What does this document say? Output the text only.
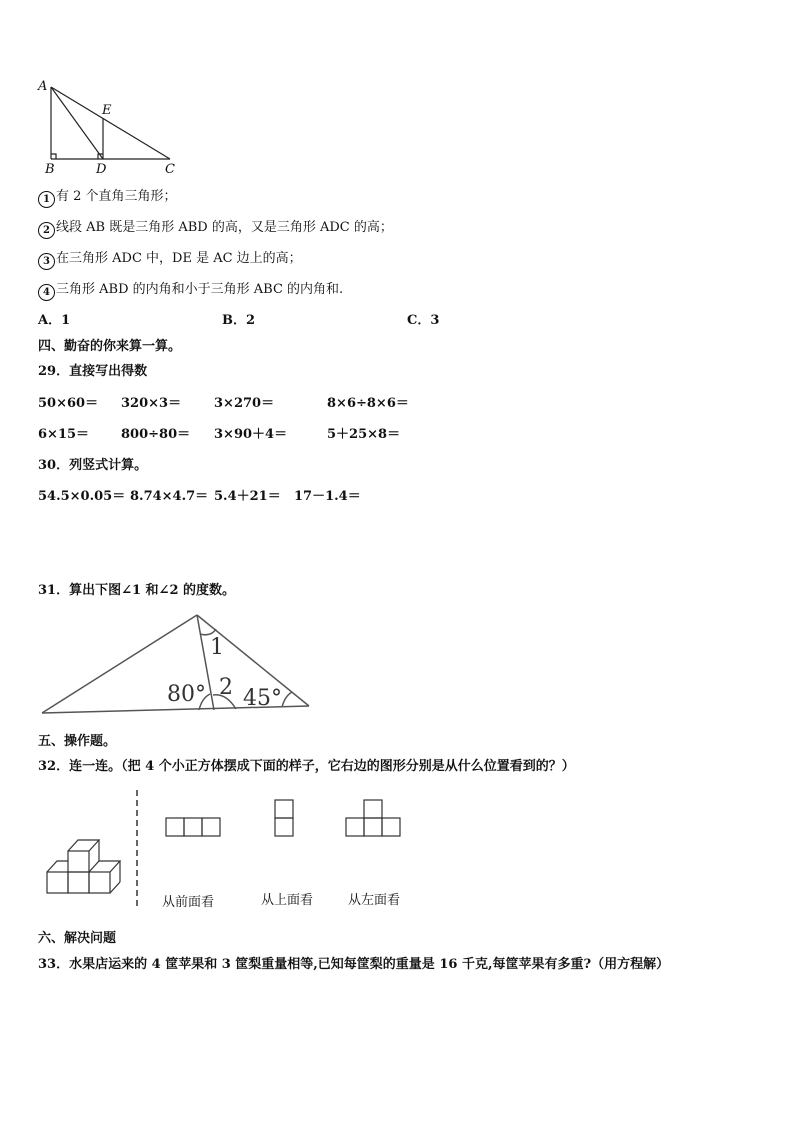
A
B	C
D
E
1 有 2 个直角三角形；
2 线段 AB 既是三角形 ABD 的高，又是三角形 ADC 的高；
3 在三角形 ADC 中，DE 是 AC 边上的高；
4 三角形 ABD 的内角和小于三角形 ABC 的内角和.
A．1	B．2	C．3
四、勤奋的你来算一算。
29．直接写出得数
50×60＝ 320×3＝	3×270＝	8×6÷8×6＝
6×15＝ 800÷80＝ 3×90＋4＝	5＋25×8＝
30．列竖式计算。
54.5×0.05＝ 8.74×4.7＝ 5.4＋21＝ 17－1.4＝
31．算出下图∠1 和∠2 的度数。
80° 2 45°
1
五、操作题。
32．连一连。（把 4 个小正方体摆成下面的样子，它右边的图形分别是从什么位置看到的？）
从前面看	从上面看	从左面看
六、解决问题
33．水果店运来的 4 筐苹果和 3 筐梨重量相等,已知每筐梨的重量是 16 千克,每筐苹果有多重?（用方程解）
